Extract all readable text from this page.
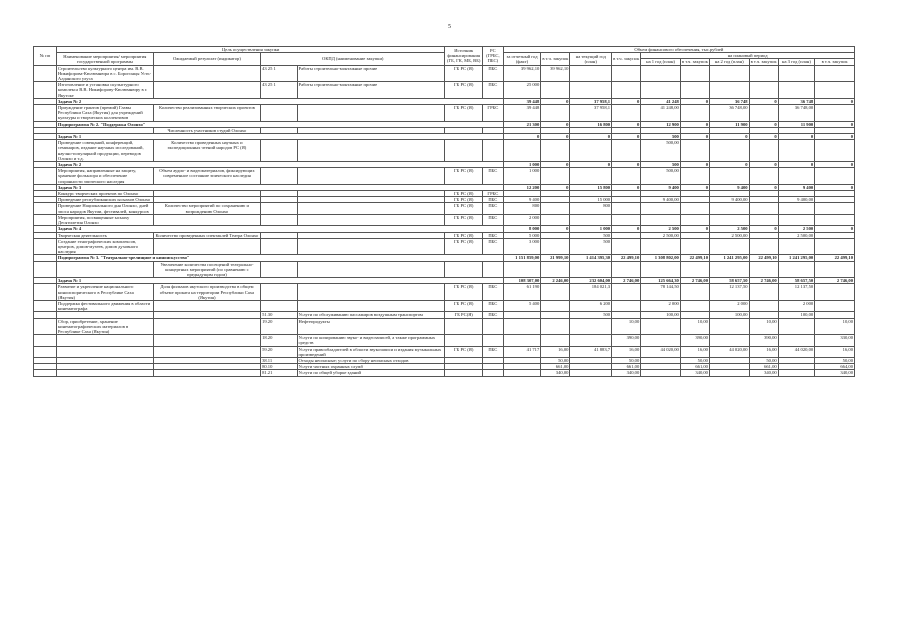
5
№ пп	Цель осуществления закупки				Источник финансирования (ГБ, ГК, МБ, ВБ)	РС (ГРБС, ПБС)	Объем финансового обеспечения, тыс.рублей									
	Наименование мероприятия/ мероприятия государственной программы	Ожидаемый результат (индикатор)	ОКПД (наименование закупки)				за отчетный год (факт)	в т.ч. закупок	на текущий год (план)	в т.ч. закупок	на плановый период					
											на 1 год (план)	в т.ч. закупок	на 2 год (план)	в т.ч. закупок	на 3 год (план)	в т.ч. закупок
	Строительство культурного центра им. В.В. Никифорова-Кюлюмнюра в с. Борогонцы Усть-Алданского улуса		43 25 1	Работы строительно-монтажные прочие	ГБ РС (Я)	ПБС	39 962,10	39 962,10								
	Изготовление и установка скульптурного комплекса В.В. Никифорову-Кюлюмнюру в г. Якутске		43 25 1	Работы строительно-монтажные прочие	ГБ РС (Я)	ПБС	25 000									
	Задача № 2						39 448	0	37 958,1	0	41 248	0	36 748	0	36 748	0
	Приуждение грантов (премий) Главы Республики Саха (Якутия) для учреждений культуры и творческих коллективов	Количество реализованных творческих проектов			ГБ РС (Я)	ГРБС	39 448		37 958,1		41 248,00		36 748,00		36 748,00	
	Подпрограмма № 2. "Поддержка Олонхо"						21 300	0	16 800	0	12 900	0	11 900	0	11 900	0
		Численность участников студий Олонхо														
	Задача № 1						0	0	0	0	500	0	0	0	0	0
	Проведение совещаний, конференций, семинаров, издание научных исследований, научно-популярной продукции, переводов Олонхо и т.д.	Количество проведенных научных и экспедиционных чтений народов РС (Я)									500,00					
	Задача № 2						1 000	0	0	0	500	0	0	0	0	0
	Мероприятия, направленные на защиту, хранение фольклора и обеспечение сохранности эпического наследия	Объем аудио- и видеоматериалов, фиксирующих современное состояние эпического наследия			ГБ РС (Я)	ПБС	1 000				500,00					
	Задача № 3						12 200	0	15 800	0	9 400	0	9 400	0	9 400	0
	Конкурс творческих проектов по Олонхо				ГБ РС (Я)	ГРБС										
	Проведение республиканских ысыахов Олонхо				ГБ РС (Я)	ПБС	9 400		15 000		9 400,00		9 400,00		9 400,00	
	Проведение Национального дня Олонхо, дней эпоса народов Якутии, фестивалей, конкурсов	Количество мероприятий по сохранению и возрождению Олонхо			ГБ РС (Я)	ПБС	800		800							
	Мероприятия, посвященные ысыаху Десятилетия Олонхо				ГБ РС (Я)	ПБС	2 000									
	Задача № 4						8 000	0	1 000	0	2 500	0	2 500	0	2 500	0
	Творческая деятельность	Количество проведенных спектаклей Театра Олонхо			ГБ РС (Я)	ПБС	5 000		500		2 500,00		2 500,00		2 500,00	
	Создание этнографических комплексов, центров, домов-музеев, домов духовного наследия				ГБ РС (Я)	ПБС	3 000		500							
	Подпрограмма № 3. "Театрально-зрелищное и киноискусство"						1 151 859,00	21 999,10	1 414 395,30	22 499,10	1 308 802,00	22 499,10	1 241 295,00	22 499,10	1 241 295,00	22 499,10
		Увеличение количества посещений театрально-концертных мероприятий (по сравнению с предыдущим годом)														
	Задача № 1						108 307,00	2 246,00	232 604,00	2 746,00	125 664,30	2 746,00	58 657,50	2 746,00	58 657,50	2 746,00
	Развитие и укрепление национального киноиспорического в Республике Саха (Якутия)	Доля фильмов якутского производства в общем объеме проката на территории Республики Саха (Якутия)			ГБ РС (Я)	ПБС	61 190		184 021,3		78 144,50		12 137,50		12 137,50	
	Поддержка фестивального движения в области кинематографа				ГБ РС (Я)	ПБС	5 400		6 200		2 000		2 000		2 000	
			51.30	Услуги по обслуживанию пассажиров воздушным транспортом	ГБ РС(Я)	ПБС			500		100,00		100,00		100,00	
	Сбор, приобретение, хранение кинематографических материалов в Республике Саха (Якутия)		19.20	Нефтепродукты						10,00		10,00		10,00		10,00
			18.20	Услуги по копированию звуко- и видеозаписей, а также программных средств						390,00		390,00		390,00		330,00
			59.20	Услуги правообладателей в области звукозаписи и издания музыкальных произведений	ГБ РС (Я)	ПБС	41 717	16,00	41 883,7	16,00	44 020,00	16,00	44 020,00	16,00	44 020,00	16,00
			38.11	Отходы неопасные; услуги по сбору неопасных отходов				50,00		50,00		50,00		50,00		50,00
			80.10	Услуги частных охранных служб				661,00		661,00		661,00		661,00		664,00
			81.21	Услуги по общей уборке зданий				340,00		340,00		340,00		340,00		340,00
